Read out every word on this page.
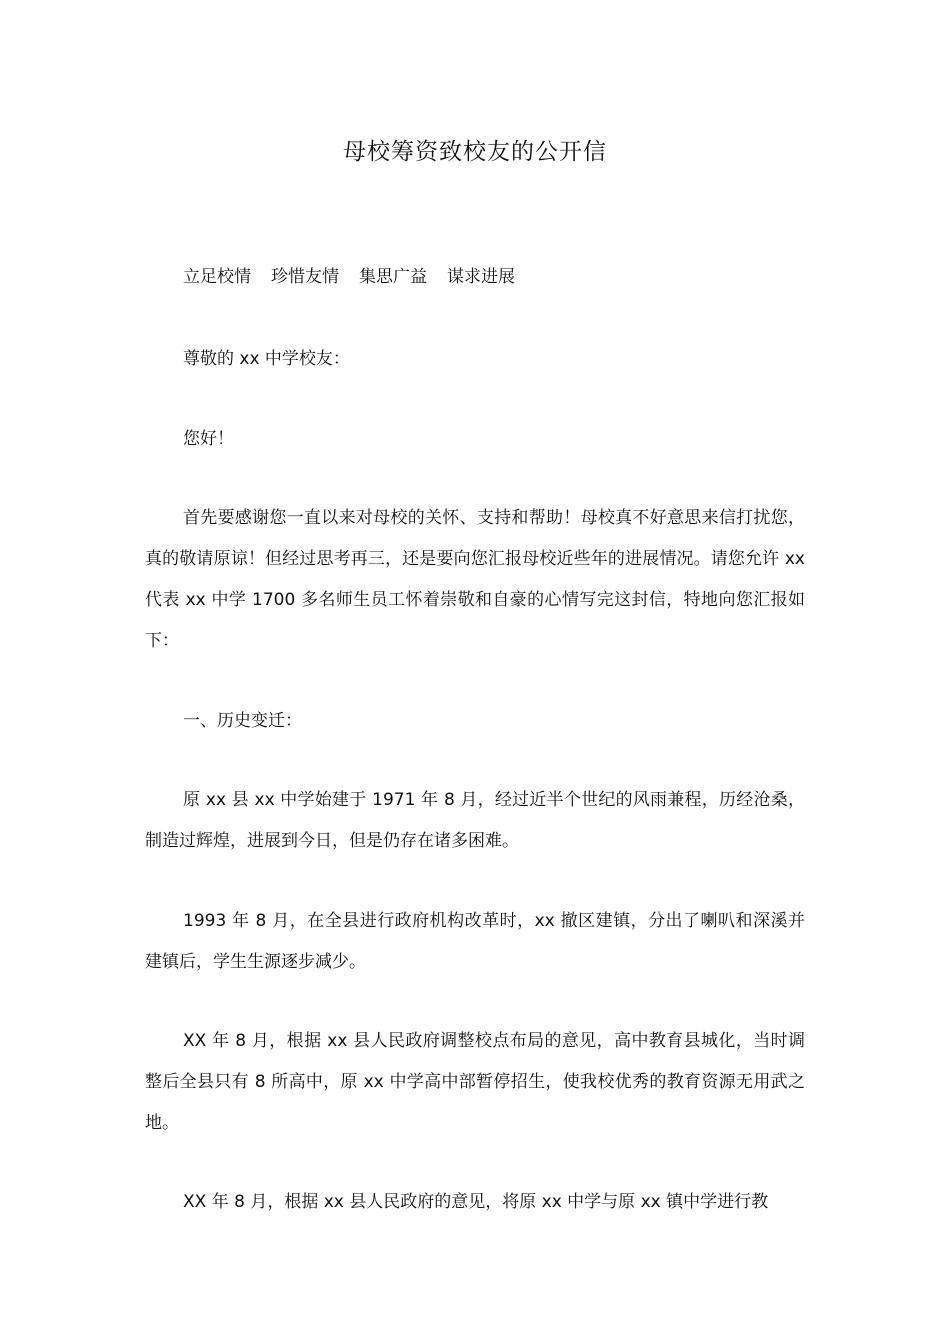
母校筹资致校友的公开信
立足校情 珍惜友情 集思广益 谋求进展

尊敬的 xx 中学校友：

您好！

首先要感谢您一直以来对母校的关怀、支持和帮助！母校真不好意思来信打扰您，真的敬请原谅！但经过思考再三，还是要向您汇报母校近些年的进展情况。请您允许 xx 代表 xx 中学 1700 多名师生员工怀着崇敬和自豪的心情写完这封信，特地向您汇报如下：

一、历史变迁：

原 xx 县 xx 中学始建于 1971 年 8 月，经过近半个世纪的风雨兼程，历经沧桑，制造过辉煌，进展到今日，但是仍存在诸多困难。

1993 年 8 月，在全县进行政府机构改革时，xx 撤区建镇，分出了喇叭和深溪并建镇后，学生生源逐步减少。

XX 年 8 月，根据 xx 县人民政府调整校点布局的意见，高中教育县城化，当时调整后全县只有 8 所高中，原 xx 中学高中部暂停招生，使我校优秀的教育资源无用武之地。

XX 年 8 月，根据 xx 县人民政府的意见，将原 xx 中学与原 xx 镇中学进行教
